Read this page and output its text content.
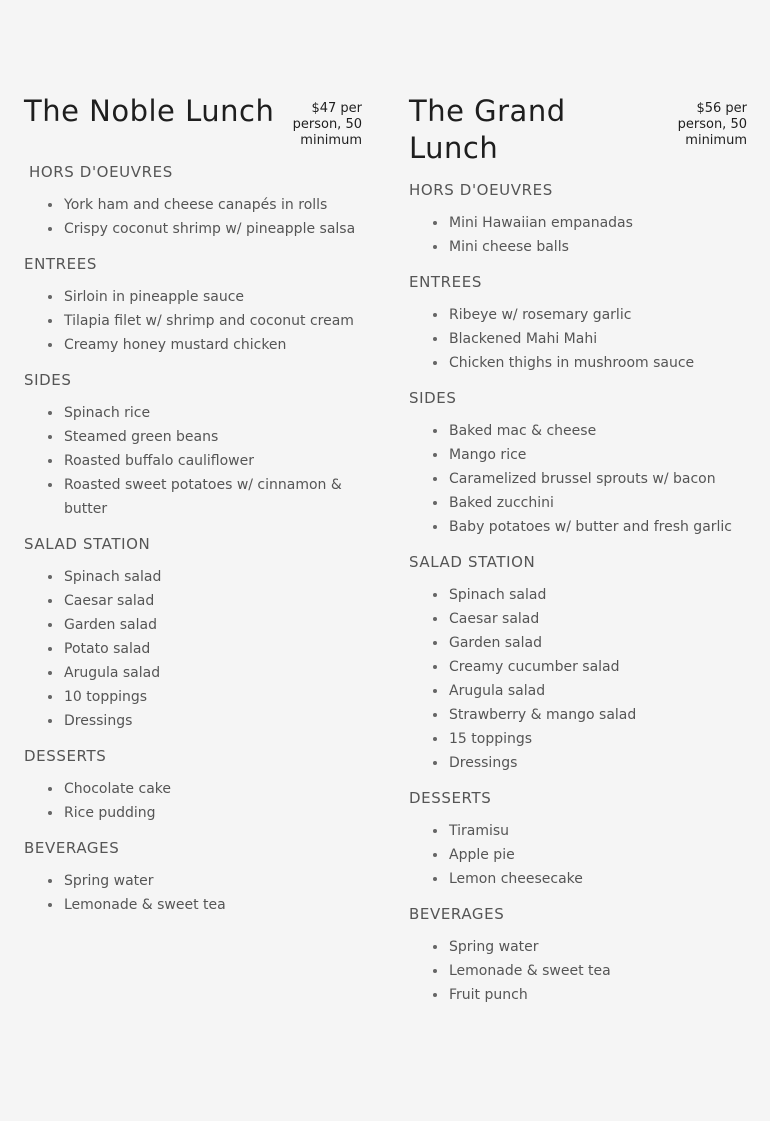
The Noble Lunch	$47 per person, 50 minimum
HORS D'OEUVRES
York ham and cheese canapés in rolls
Crispy coconut shrimp w/ pineapple salsa
ENTREES
Sirloin in pineapple sauce
Tilapia filet w/ shrimp and coconut cream
Creamy honey mustard chicken
SIDES
Spinach rice
Steamed green beans
Roasted buffalo cauliflower
Roasted sweet potatoes w/ cinnamon & butter
SALAD STATION
Spinach salad
Caesar salad
Garden salad
Potato salad
Arugula salad
10 toppings
Dressings
DESSERTS
Chocolate cake
Rice pudding
BEVERAGES
Spring water
Lemonade & sweet tea
The Grand Lunch
$56 per person, 50 minimum
HORS D'OEUVRES
Mini Hawaiian empanadas
Mini cheese balls
ENTREES
Ribeye w/ rosemary garlic
Blackened Mahi Mahi
Chicken thighs in mushroom sauce
SIDES
Baked mac & cheese
Mango rice
Caramelized brussel sprouts w/ bacon
Baked zucchini
Baby potatoes w/ butter and fresh garlic
SALAD STATION
Spinach salad
Caesar salad
Garden salad
Creamy cucumber salad
Arugula salad
Strawberry & mango salad
15 toppings
Dressings
DESSERTS
Tiramisu
Apple pie
Lemon cheesecake
BEVERAGES
Spring water
Lemonade & sweet tea
Fruit punch
